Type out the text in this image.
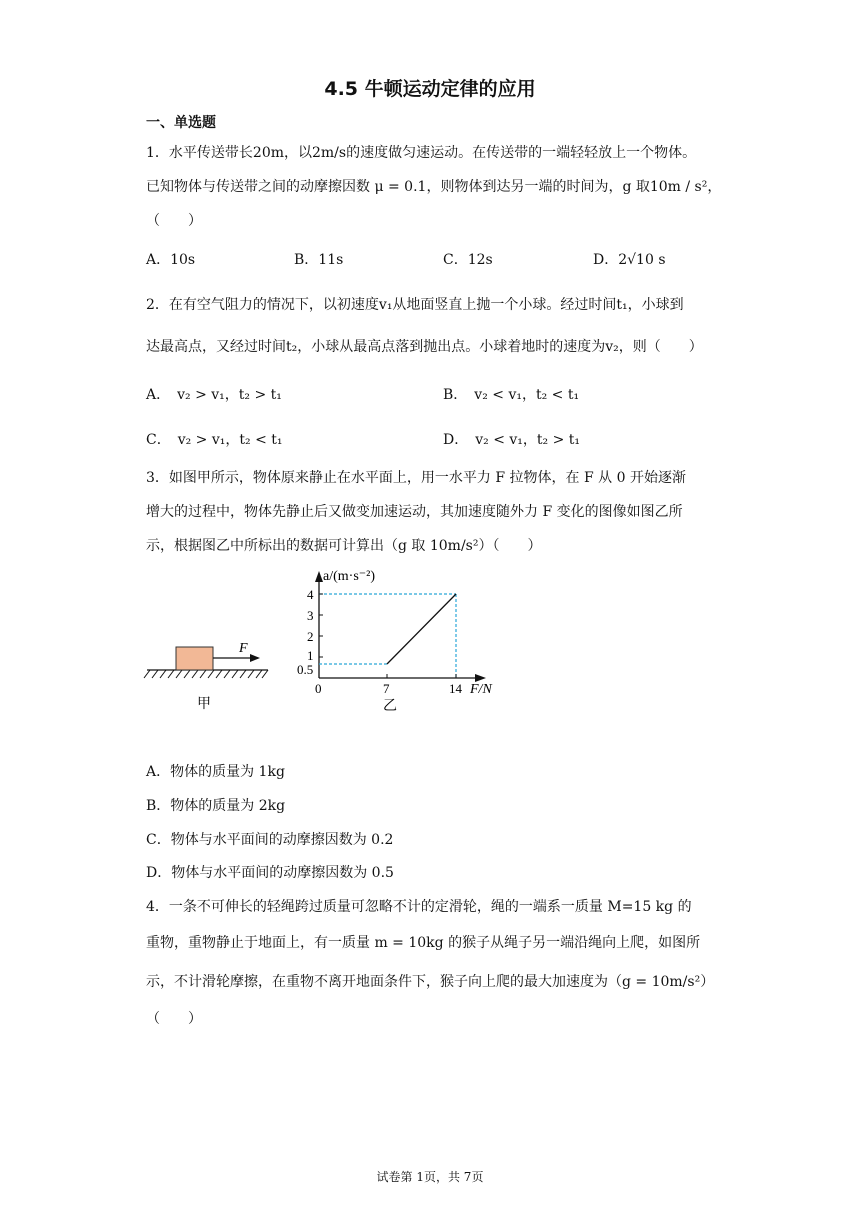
4.5 牛顿运动定律的应用
一、单选题
1．水平传送带长20m，以2m/s的速度做匀速运动。在传送带的一端轻轻放上一个物体。
已知物体与传送带之间的动摩擦因数 μ = 0.1，则物体到达另一端的时间为，g 取10m / s²，
（　　）
A．10s	B．11s	C．12s	D．2√10 s
2．在有空气阻力的情况下，以初速度v₁从地面竖直上抛一个小球。经过时间t₁，小球到
达最高点，又经过时间t₂，小球从最高点落到抛出点。小球着地时的速度为v₂，则（　　）
A．　v₂ > v₁，t₂ > t₁	B．　v₂ < v₁，t₂ < t₁
C．　v₂ > v₁，t₂ < t₁	D．　v₂ < v₁，t₂ > t₁
3．如图甲所示，物体原来静止在水平面上，用一水平力 F 拉物体，在 F 从 0 开始逐渐
增大的过程中，物体先静止后又做变加速运动，其加速度随外力 F 变化的图像如图乙所
示，根据图乙中所标出的数据可计算出（g 取 10m/s²）（　　）
F
甲
a/(m·s⁻²)
4
3
2
1
0.5
0	7	14 F/N
乙
A．物体的质量为 1kg
B．物体的质量为 2kg
C．物体与水平面间的动摩擦因数为 0.2
D．物体与水平面间的动摩擦因数为 0.5
4．一条不可伸长的轻绳跨过质量可忽略不计的定滑轮，绳的一端系一质量 M=15 kg 的
重物，重物静止于地面上，有一质量 m = 10kg 的猴子从绳子另一端沿绳向上爬，如图所
示，不计滑轮摩擦，在重物不离开地面条件下，猴子向上爬的最大加速度为（g = 10m/s²）
（　　）
试卷第 1页，共 7页
